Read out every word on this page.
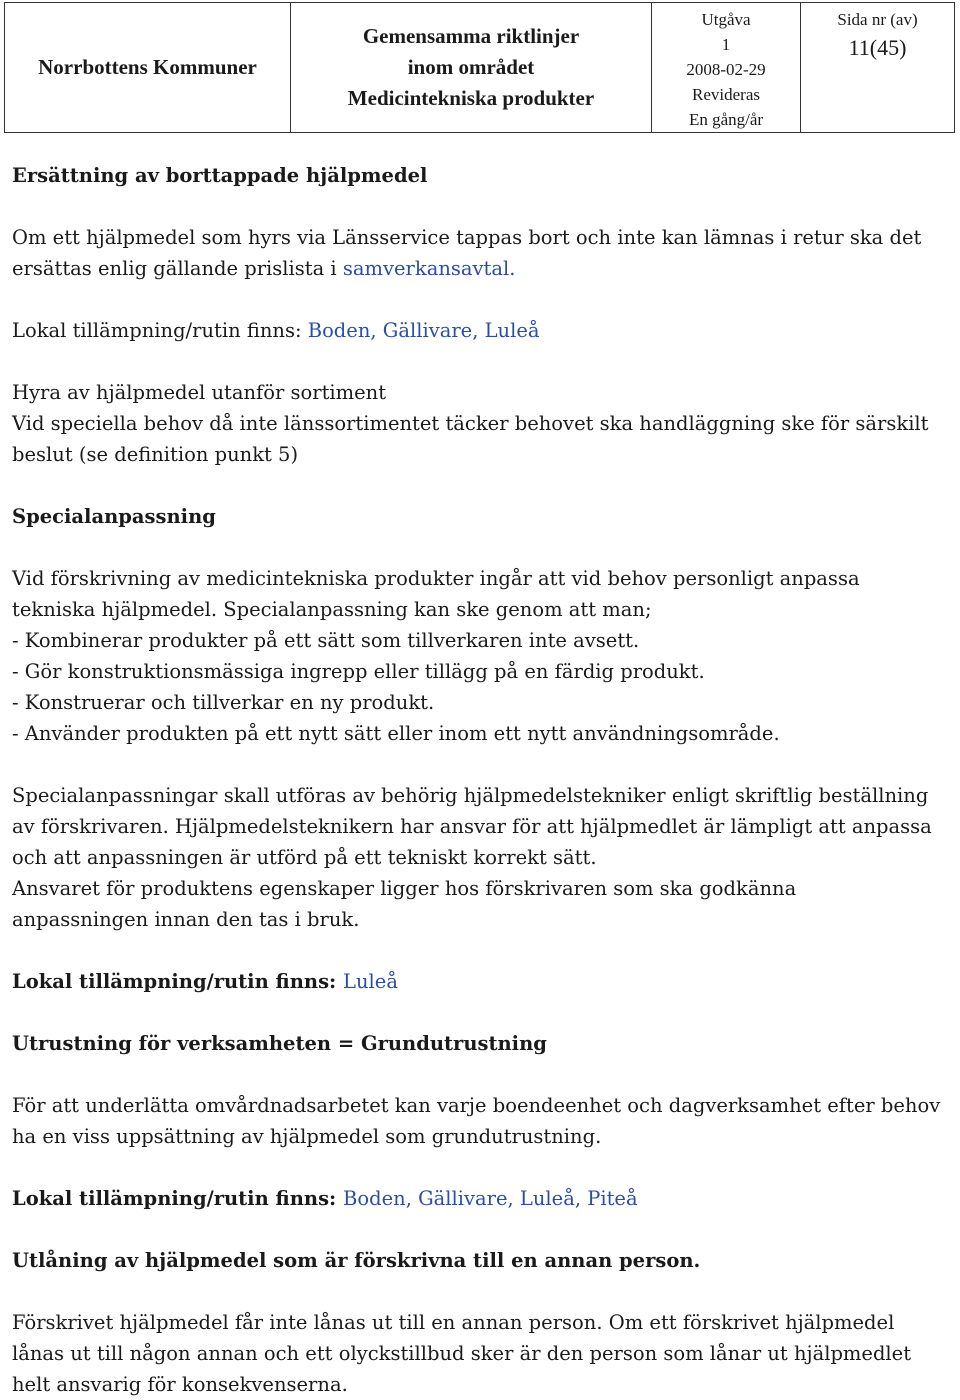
Norrbottens Kommuner	
Gemensamma riktlinjer
inom området
Medicintekniska produkter

Utgåva
1
2008-02-29
Revideras
En gång/år

Sida nr (av)
11(45)
Ersättning av borttappade hjälpmedel

Om ett hjälpmedel som hyrs via Länsservice tappas bort och inte kan lämnas i retur ska det

ersättas enlig gällande prislista i samverkansavtal.

Lokal tillämpning/rutin finns: Boden, Gällivare, Luleå

Hyra av hjälpmedel utanför sortiment

Vid speciella behov då inte länssortimentet täcker behovet ska handläggning ske för särskilt

beslut (se definition punkt 5)

Specialanpassning

Vid förskrivning av medicintekniska produkter ingår att vid behov personligt anpassa

tekniska hjälpmedel. Specialanpassning kan ske genom att man;

- Kombinerar produkter på ett sätt som tillverkaren inte avsett.

- Gör konstruktionsmässiga ingrepp eller tillägg på en färdig produkt.

- Konstruerar och tillverkar en ny produkt.

- Använder produkten på ett nytt sätt eller inom ett nytt användningsområde.

Specialanpassningar skall utföras av behörig hjälpmedelstekniker enligt skriftlig beställning

av förskrivaren. Hjälpmedelsteknikern har ansvar för att hjälpmedlet är lämpligt att anpassa

och att anpassningen är utförd på ett tekniskt korrekt sätt.

Ansvaret för produktens egenskaper ligger hos förskrivaren som ska godkänna

anpassningen innan den tas i bruk.

Lokal tillämpning/rutin finns: Luleå

Utrustning för verksamheten = Grundutrustning

För att underlätta omvårdnadsarbetet kan varje boendeenhet och dagverksamhet efter behov

ha en viss uppsättning av hjälpmedel som grundutrustning.

Lokal tillämpning/rutin finns: Boden, Gällivare, Luleå, Piteå

Utlåning av hjälpmedel som är förskrivna till en annan person.

Förskrivet hjälpmedel får inte lånas ut till en annan person. Om ett förskrivet hjälpmedel

lånas ut till någon annan och ett olyckstillbud sker är den person som lånar ut hjälpmedlet

helt ansvarig för konsekvenserna.
